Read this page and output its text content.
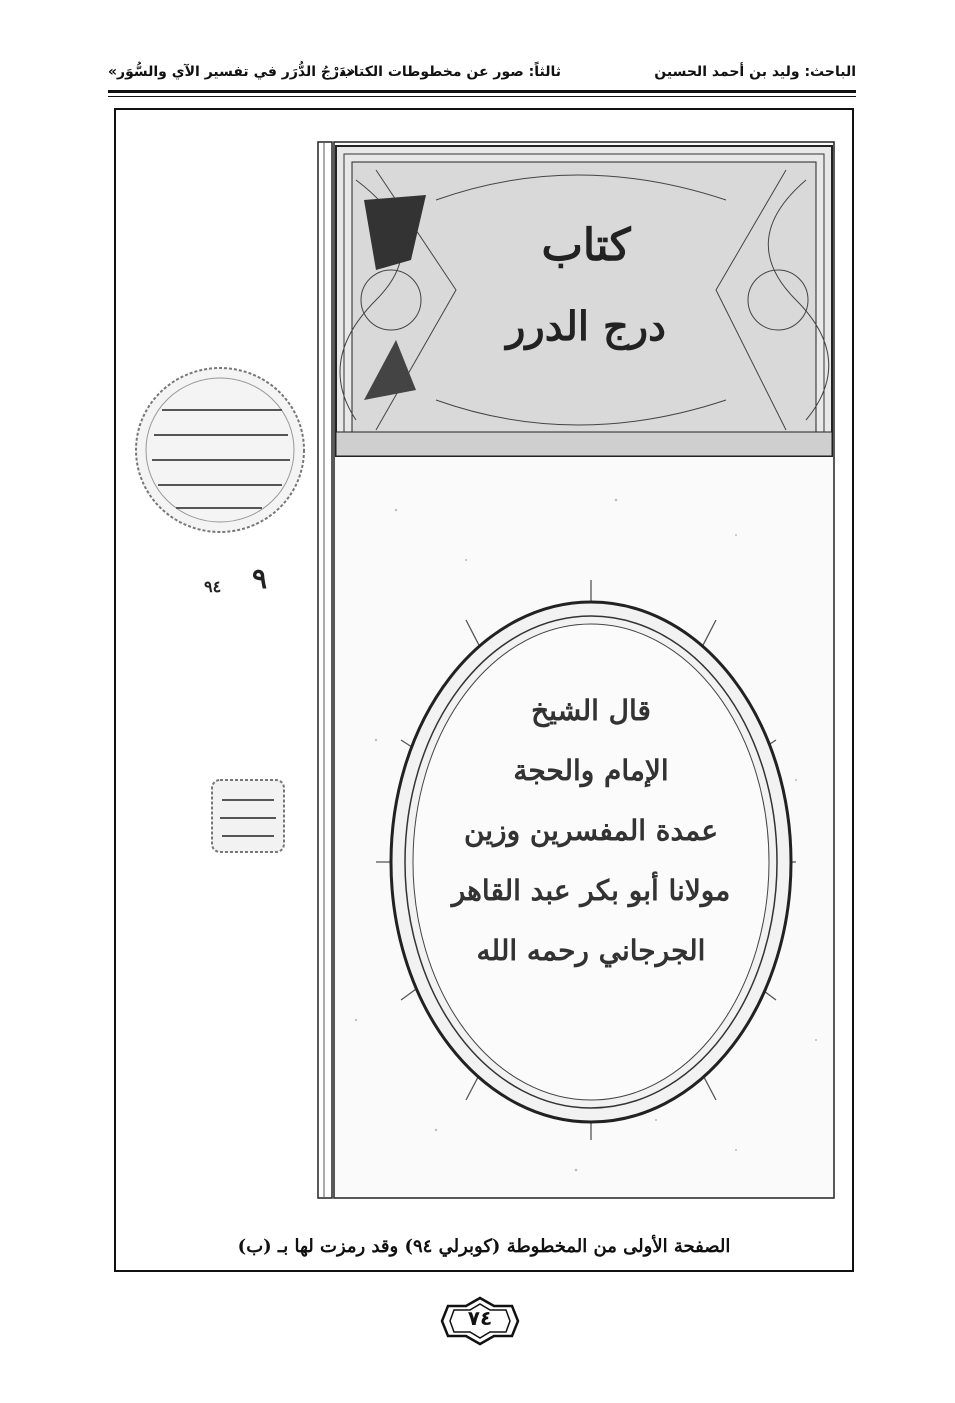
الباحث: وليد بن أحمد الحسين
ثالثاً: صور عن مخطوطات الكتاب
«دَرْجُ الدُّرَر في تفسير الآي والسُّوَر»
كتاب
درج الدرر
قال الشيخ
الإمام والحجة
عمدة المفسرين وزين
مولانا أبو بكر عبد القاهر
الجرجاني رحمه الله
٩
٩٤
الصفحة الأولى من المخطوطة (كوبرلي ٩٤) وقد رمزت لها بـ (ب)
٧٤
